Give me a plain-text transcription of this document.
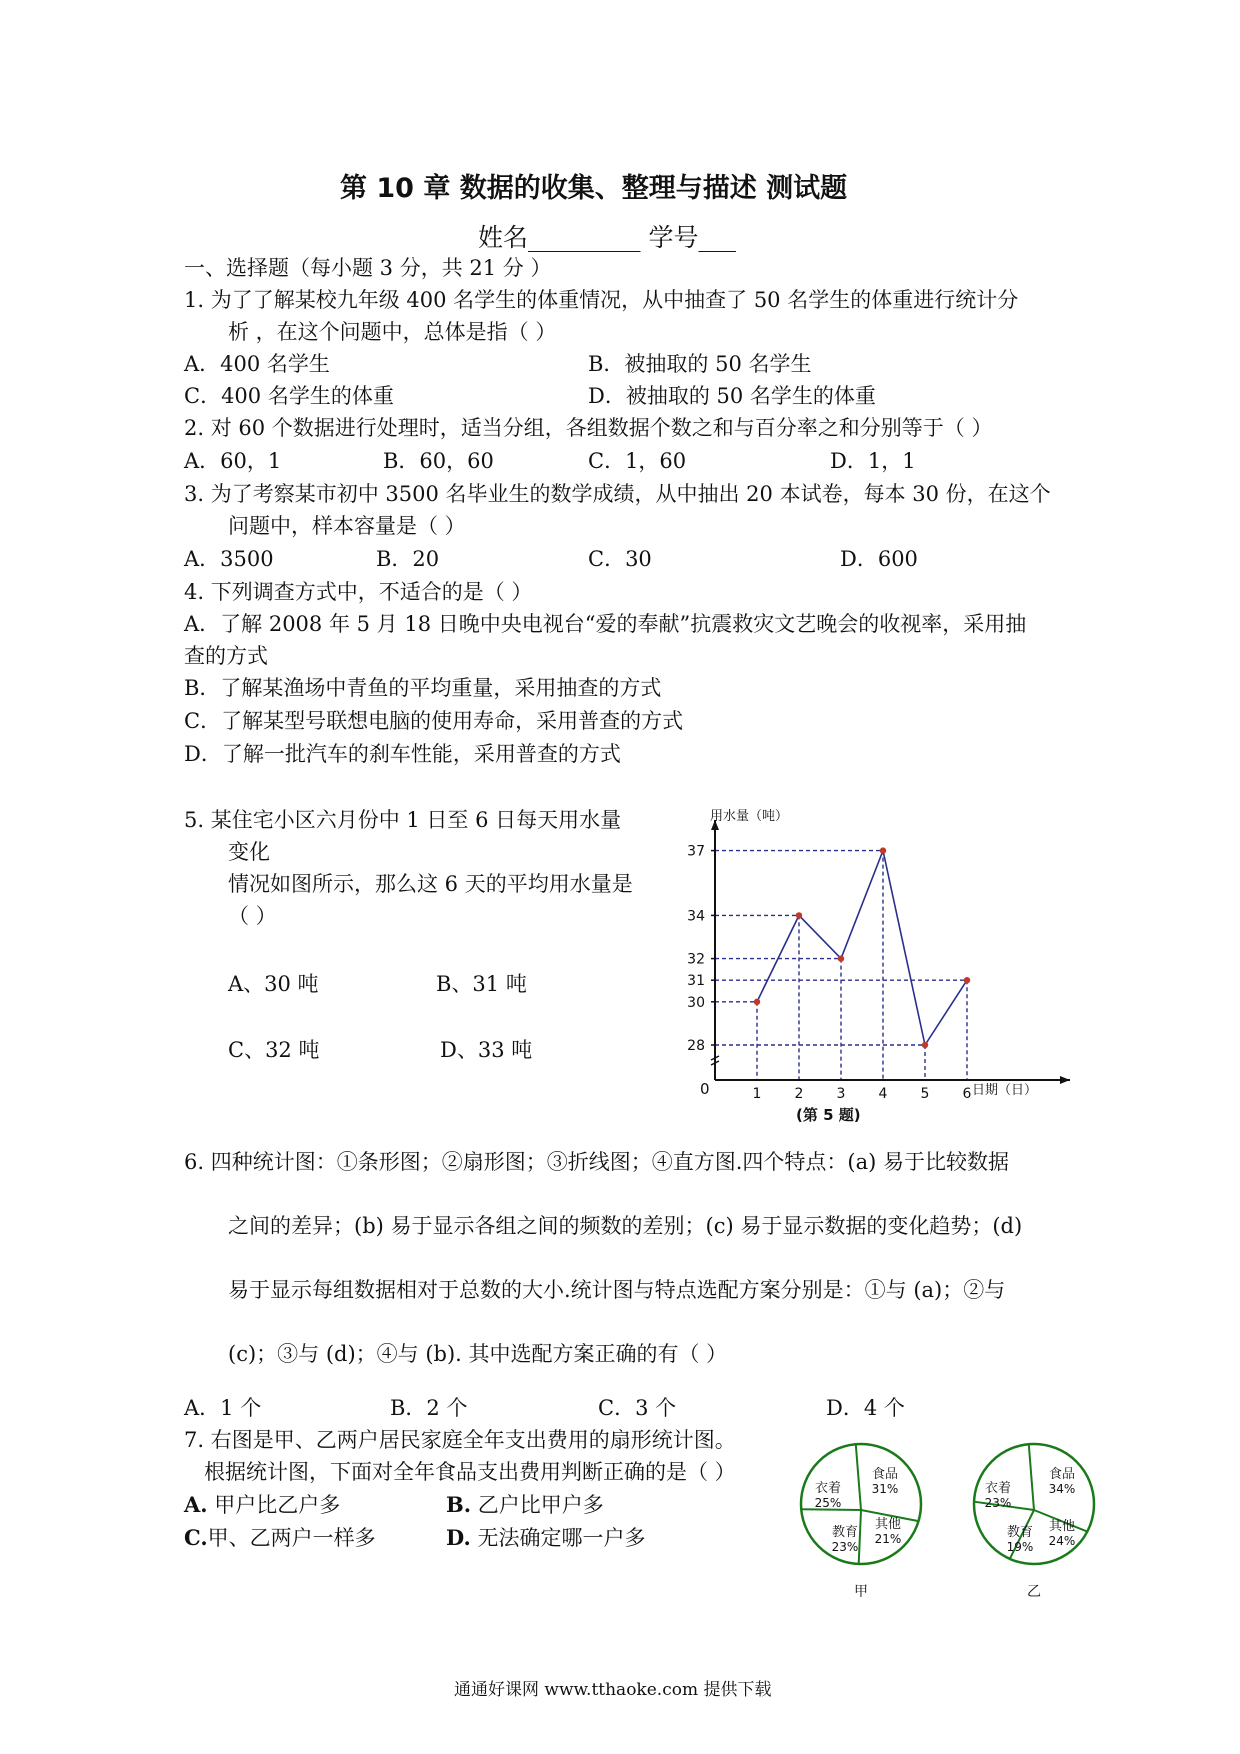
第 10 章 数据的收集、整理与描述 测试题
姓名_________ 学号___
一、选择题（每小题 3 分，共 21 分 ）
1. 为了了解某校九年级 400 名学生的体重情况，从中抽查了 50 名学生的体重进行统计分
析 ，在这个问题中，总体是指（ ）
A．400 名学生	B．被抽取的 50 名学生
C．400 名学生的体重	D．被抽取的 50 名学生的体重
2. 对 60 个数据进行处理时，适当分组，各组数据个数之和与百分率之和分别等于（ ）
A．60，1	B．60，60	C．1，60	D．1，1
3. 为了考察某市初中 3500 名毕业生的数学成绩，从中抽出 20 本试卷，每本 30 份，在这个
问题中，样本容量是（ ）
A．3500	B．20	C．30	D．600
4. 下列调查方式中，不适合的是（ ）
A．了解 2008 年 5 月 18 日晚中央电视台“爱的奉献”抗震救灾文艺晚会的收视率，采用抽
查的方式
B．了解某渔场中青鱼的平均重量，采用抽查的方式
C．了解某型号联想电脑的使用寿命，采用普查的方式
D．了解一批汽车的刹车性能，采用普查的方式
5. 某住宅小区六月份中 1 日至 6 日每天用水量
变化
情况如图所示，那么这 6 天的平均用水量是
（ ）
A、30 吨	B、31 吨
C、32 吨	D、33 吨	28
30
31
32
34
37
1 2 3 4 5 6
用水量（吨）
日期（日）
0
(第 5 题)
6. 四种统计图：①条形图；②扇形图；③折线图；④直方图.四个特点：(a) 易于比较数据
之间的差异；(b) 易于显示各组之间的频数的差别；(c) 易于显示数据的变化趋势；(d)
易于显示每组数据相对于总数的大小.统计图与特点选配方案分别是：①与 (a)；②与
(c)；③与 (d)；④与 (b). 其中选配方案正确的有（ ）
A．1 个	B．2 个	C．3 个	D．4 个
7. 右图是甲、乙两户居民家庭全年支出费用的扇形统计图。
根据统计图，下面对全年食品支出费用判断正确的是（ ）
A. 甲户比乙户多	B. 乙户比甲户多
C.甲、乙两户一样多	D. 无法确定哪一户多
食品
31%
其他
21%
教育
23%
衣着
25%
甲
食品
34%
其他
24%
教育
19%
衣着
23%
乙
通通好课网 www.tthaoke.com 提供下载
